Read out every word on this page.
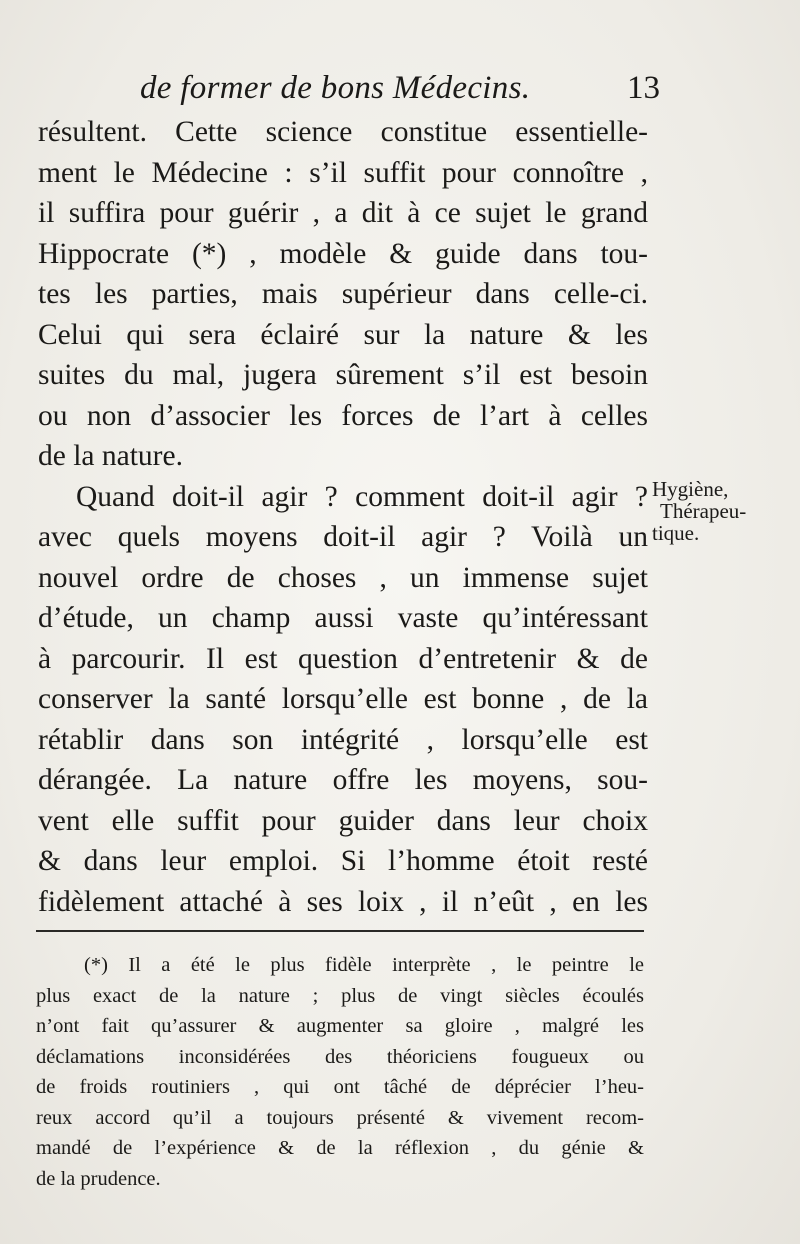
de former de bons Médecins.	13
résultent. Cette science constitue essentielle-
ment le Médecine : s’il suffit pour connoître ,
il suffira pour guérir , a dit à ce sujet le grand
Hippocrate (*) , modèle & guide dans tou-
tes les parties, mais supérieur dans celle-ci.
Celui qui sera éclairé sur la nature & les
suites du mal, jugera sûrement s’il est besoin
ou non d’associer les forces de l’art à celles
de la nature.
Quand doit-il agir ? comment doit-il agir ?
avec quels moyens doit-il agir ? Voilà un
nouvel ordre de choses , un immense sujet
d’étude, un champ aussi vaste qu’intéressant
à parcourir. Il est question d’entretenir & de
conserver la santé lorsqu’elle est bonne , de la
rétablir dans son intégrité , lorsqu’elle est
dérangée. La nature offre les moyens, sou-
vent elle suffit pour guider dans leur choix
& dans leur emploi. Si l’homme étoit resté
fidèlement attaché à ses loix , il n’eût , en les
Hygiène,
Thérapeu-
tique.
(*) Il a été le plus fidèle interprète , le peintre le
plus exact de la nature ; plus de vingt siècles écoulés
n’ont fait qu’assurer & augmenter sa gloire , malgré les
déclamations inconsidérées des théoriciens fougueux ou
de froids routiniers , qui ont tâché de déprécier l’heu-
reux accord qu’il a toujours présenté & vivement recom-
mandé de l’expérience & de la réflexion , du génie &
de la prudence.
